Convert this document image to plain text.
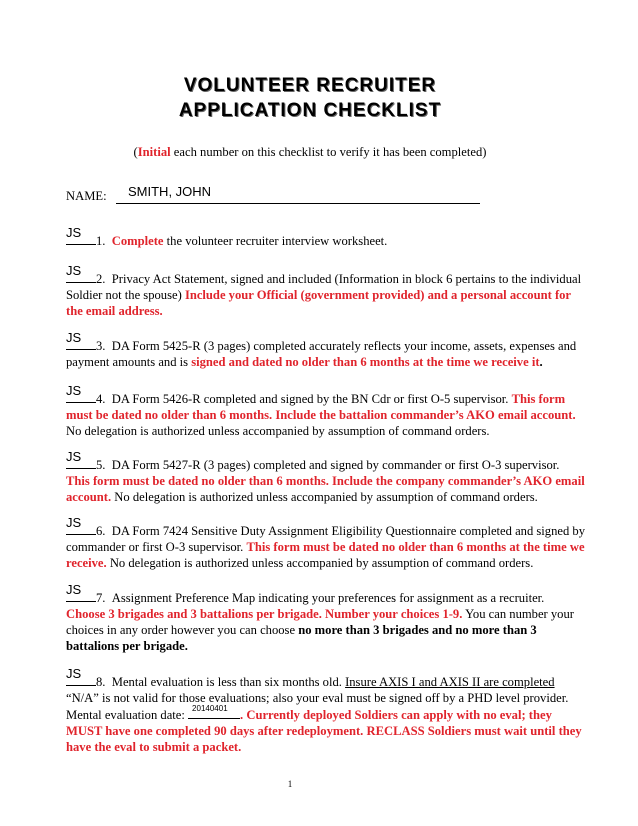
VOLUNTEER RECRUITER
APPLICATION CHECKLIST
(Initial each number on this checklist to verify it has been completed)
NAME: SMITH, JOHN

JS
1. Complete the volunteer recruiter interview worksheet.

JS
2. Privacy Act Statement, signed and included (Information in block 6 pertains to the individual Soldier not the spouse) Include your Official (government provided) and a personal account for the email address.

JS
3. DA Form 5425-R (3 pages) completed accurately reflects your income, assets, expenses and payment amounts and is signed and dated no older than 6 months at the time we receive it.

JS
4. DA Form 5426-R completed and signed by the BN Cdr or first O-5 supervisor. This form must be dated no older than 6 months. Include the battalion commander’s AKO email account. No delegation is authorized unless accompanied by assumption of command orders.

JS
5. DA Form 5427-R (3 pages) completed and signed by commander or first O-3 supervisor. This form must be dated no older than 6 months. Include the company commander’s AKO email account. No delegation is authorized unless accompanied by assumption of command orders.

JS
6. DA Form 7424 Sensitive Duty Assignment Eligibility Questionnaire completed and signed by commander or first O-3 supervisor. This form must be dated no older than 6 months at the time we receive. No delegation is authorized unless accompanied by assumption of command orders.

JS
7. Assignment Preference Map indicating your preferences for assignment as a recruiter. Choose 3 brigades and 3 battalions per brigade. Number your choices 1-9. You can number your choices in any order however you can choose no more than 3 brigades and no more than 3 battalions per brigade.

JS
8. Mental evaluation is less than six months old. Insure AXIS I and AXIS II are completed “N/A” is not valid for those evaluations; also your eval must be signed off by a PHD level provider. Mental evaluation date: 20140401 . Currently deployed Soldiers can apply with no eval; they MUST have one completed 90 days after redeployment. RECLASS Soldiers must wait until they have the eval to submit a packet.

1
